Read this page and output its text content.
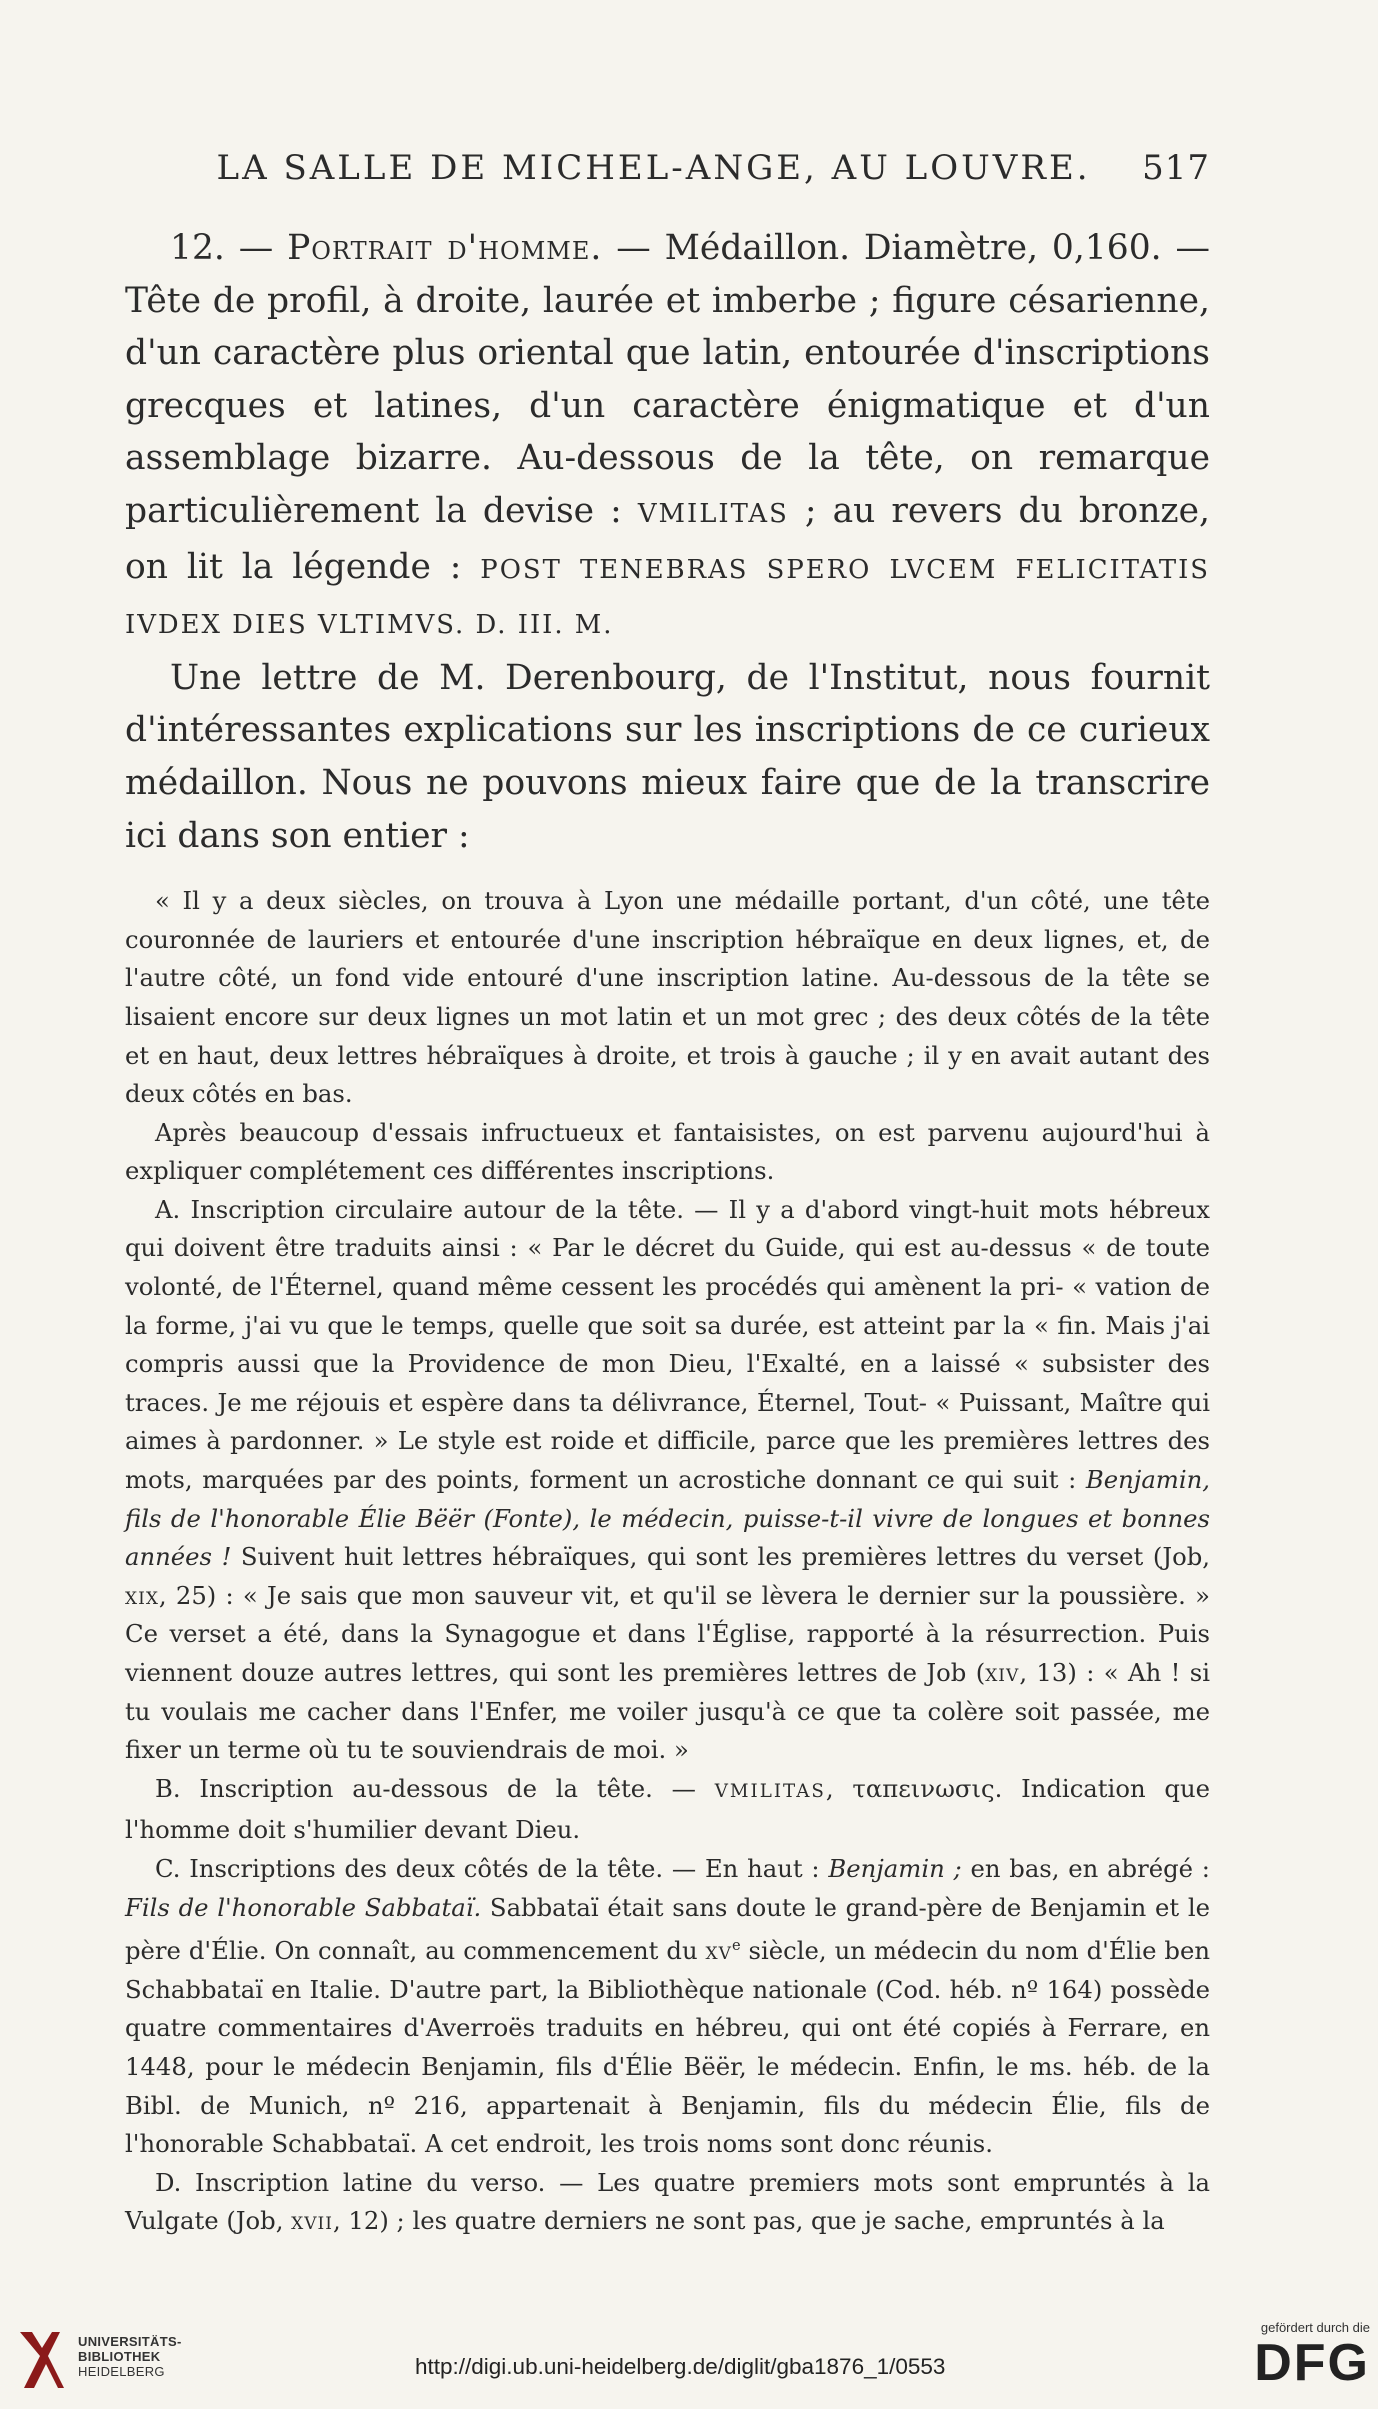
LA SALLE DE MICHEL-ANGE, AU LOUVRE.	517

12. — Portrait d'homme. — Médaillon. Diamètre, 0,160. — Tête de profil, à droite, laurée et imberbe ; figure césarienne, d'un caractère plus oriental que latin, entourée d'inscriptions grecques et latines, d'un caractère énigmatique et d'un assemblage bizarre. Au-dessous de la tête, on remarque particulièrement la devise : VMILITAS ; au revers du bronze, on lit la légende : POST TENEBRAS SPERO LVCEM FELICITATIS IVDEX DIES VLTIMVS. D. III. M.

Une lettre de M. Derenbourg, de l'Institut, nous fournit d'intéressantes explications sur les inscriptions de ce curieux médaillon. Nous ne pouvons mieux faire que de la transcrire ici dans son entier :

« Il y a deux siècles, on trouva à Lyon une médaille portant, d'un côté, une tête couronnée de lauriers et entourée d'une inscription hébraïque en deux lignes, et, de l'autre côté, un fond vide entouré d'une inscription latine. Au-dessous de la tête se lisaient encore sur deux lignes un mot latin et un mot grec ; des deux côtés de la tête et en haut, deux lettres hébraïques à droite, et trois à gauche ; il y en avait autant des deux côtés en bas.

Après beaucoup d'essais infructueux et fantaisistes, on est parvenu aujourd'hui à expliquer complétement ces différentes inscriptions.

A. Inscription circulaire autour de la tête. — Il y a d'abord vingt-huit mots hébreux qui doivent être traduits ainsi : « Par le décret du Guide, qui est au-dessus « de toute volonté, de l'Éternel, quand même cessent les procédés qui amènent la pri- « vation de la forme, j'ai vu que le temps, quelle que soit sa durée, est atteint par la « fin. Mais j'ai compris aussi que la Providence de mon Dieu, l'Exalté, en a laissé « subsister des traces. Je me réjouis et espère dans ta délivrance, Éternel, Tout- « Puissant, Maître qui aimes à pardonner. » Le style est roide et difficile, parce que les premières lettres des mots, marquées par des points, forment un acrostiche donnant ce qui suit : Benjamin, fils de l'honorable Élie Bëër (Fonte), le médecin, puisse-t-il vivre de longues et bonnes années ! Suivent huit lettres hébraïques, qui sont les premières lettres du verset (Job, xix, 25) : « Je sais que mon sauveur vit, et qu'il se lèvera le dernier sur la poussière. » Ce verset a été, dans la Synagogue et dans l'Église, rapporté à la résurrection. Puis viennent douze autres lettres, qui sont les premières lettres de Job (xiv, 13) : « Ah ! si tu voulais me cacher dans l'Enfer, me voiler jusqu'à ce que ta colère soit passée, me fixer un terme où tu te souviendrais de moi. »

B. Inscription au-dessous de la tête. — VMILITAS, ταπεινωσις. Indication que l'homme doit s'humilier devant Dieu.

C. Inscriptions des deux côtés de la tête. — En haut : Benjamin ; en bas, en abrégé : Fils de l'honorable Sabbataï. Sabbataï était sans doute le grand-père de Benjamin et le père d'Élie. On connaît, au commencement du $xv^e$ siècle, un médecin du nom d'Élie ben Schabbataï en Italie. D'autre part, la Bibliothèque nationale (Cod. héb. nº 164) possède quatre commentaires d'Averroës traduits en hébreu, qui ont été copiés à Ferrare, en 1448, pour le médecin Benjamin, fils d'Élie Bëër, le médecin. Enfin, le ms. héb. de la Bibl. de Munich, nº 216, appartenait à Benjamin, fils du médecin Élie, fils de l'honorable Schabbataï. A cet endroit, les trois noms sont donc réunis.

D. Inscription latine du verso. — Les quatre premiers mots sont empruntés à la Vulgate (Job, xvii, 12) ; les quatre derniers ne sont pas, que je sache, empruntés à la

UNIVERSITÄTS-
BIBLIOTHEK
HEIDELBERG	http://digi.ub.uni-heidelberg.de/diglit/gba1876_1/0553
gefördert durch die
DFG
